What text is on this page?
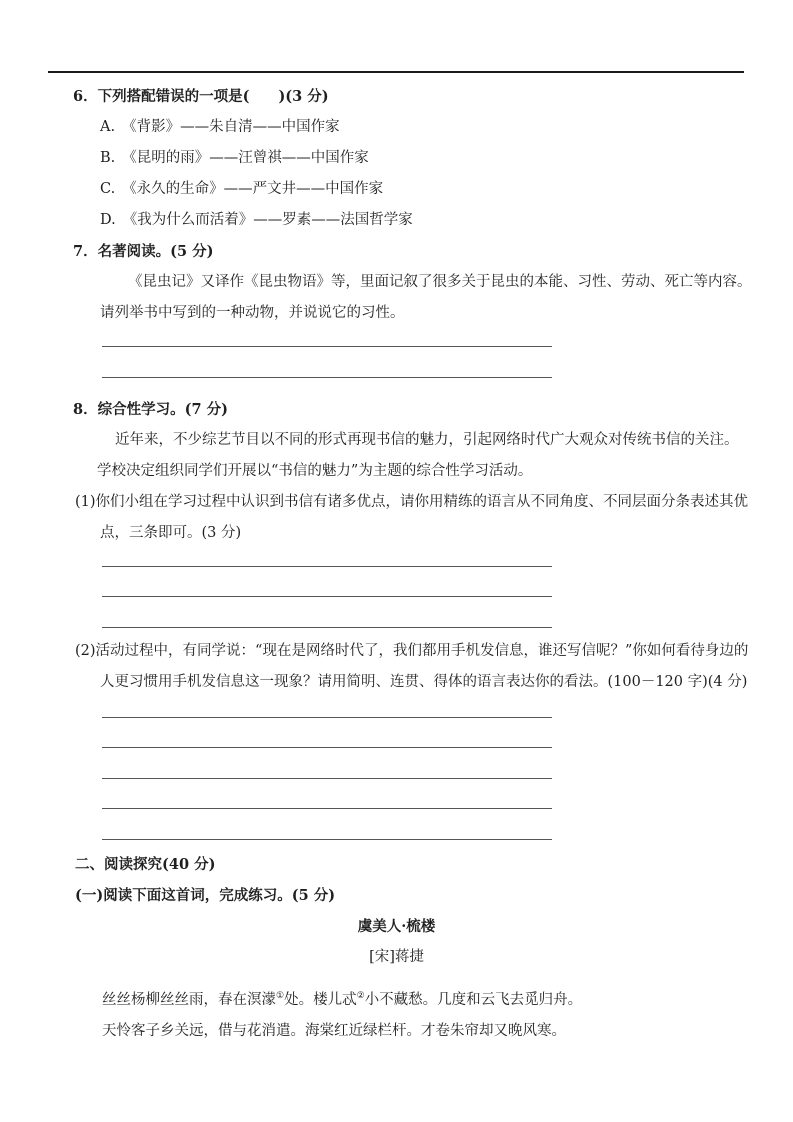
6．下列搭配错误的一项是(　　)(3 分)
A. 《背影》——朱自清——中国作家
B. 《昆明的雨》——汪曾祺——中国作家
C. 《永久的生命》——严文井——中国作家
D. 《我为什么而活着》——罗素——法国哲学家
7．名著阅读。(5 分)
《昆虫记》又译作《昆虫物语》等，里面记叙了很多关于昆虫的本能、习性、劳动、死亡等内容。
请列举书中写到的一种动物，并说说它的习性。
8．综合性学习。(7 分)
近年来，不少综艺节目以不同的形式再现书信的魅力，引起网络时代广大观众对传统书信的关注。
学校决定组织同学们开展以“书信的魅力”为主题的综合性学习活动。
(1)你们小组在学习过程中认识到书信有诸多优点，请你用精练的语言从不同角度、不同层面分条表述其优
点，三条即可。(3 分)
(2)活动过程中，有同学说：“现在是网络时代了，我们都用手机发信息，谁还写信呢？”你如何看待身边的
人更习惯用手机发信息这一现象？请用简明、连贯、得体的语言表达你的看法。(100－120 字)(4 分)
二、阅读探究(40 分)
(一)阅读下面这首词，完成练习。(5 分)
虞美人·梳楼
[宋]蒋捷
丝丝杨柳丝丝雨，春在溟濛①处。楼儿忒②小不藏愁。几度和云飞去觅归舟。
天怜客子乡关远，借与花消遣。海棠红近绿栏杆。才卷朱帘却又晚风寒。
